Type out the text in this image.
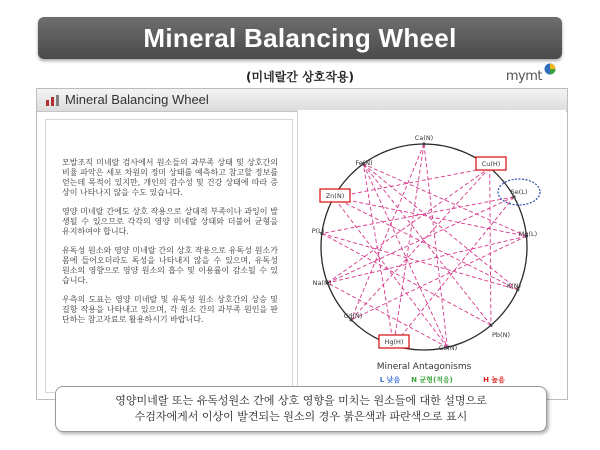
Mineral Balancing Wheel
(미네랄간 상호작용)	mymt
Mineral Balancing Wheel

모발조직 미네랄 검사에서 원소들의 과부족 상태 및 상호간의 비율 파악은 세포 차원의 정미 상태를 예측하고 참고할 정보를 얻는데 목적이 있지만, 개인의 감수성 및 건강 상태에 따라 증상이 나타나지 않을 수도 있습니다.

영양 미네랄 간에도 상호 작용으로 상대적 부족이나 과잉이 발생될 수 있으므로 각각의 영양 미네랄 상태와 더불어 균형을 유지하여야 합니다.

유독성 원소와 영양 미네랄 간의 상호 작용으로 유독성 원소가 몸에 들어오더라도 독성을 나타내지 않을 수 있으며, 유독성 원소의 영향으로 영양 원소의 흡수 및 이용률이 감소될 수 있습니다.

우측의 도표는 영양 미네랄 및 유독성 원소 상호간의 상승 및 길항 작용을 나타내고 있으며, 각 원소 간의 과부족 원인을 판단하는 참고자료로 활용하시기 바랍니다.

Ca(N)
Cu(H)
Se(L)
Mg(L)
K(N)
Pb(N)
Co(N)
Hg(H)
Cd(N)
Na(N)
P(L)
Zn(N)
Fe(N)
Mineral Antagonisms
L 낮음 N 균형(적음)	H 높음
영양미네랄 또는 유독성원소 간에 상호 영향을 미치는 원소들에 대한 설명으로
수검자에게서 이상이 발견되는 원소의 경우 붉은색과 파란색으로 표시
